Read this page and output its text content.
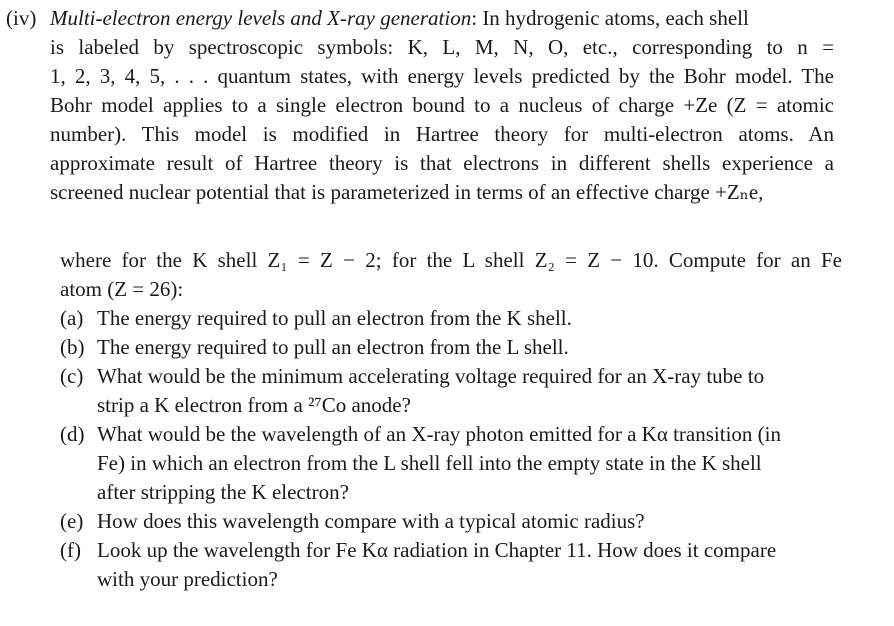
(iv) Multi-electron energy levels and X-ray generation: In hydrogenic atoms, each shell
is labeled by spectroscopic symbols: K, L, M, N, O, etc., corresponding to n =
1, 2, 3, 4, 5, . . . quantum states, with energy levels predicted by the Bohr model. The
Bohr model applies to a single electron bound to a nucleus of charge +Ze (Z = atomic
number). This model is modified in Hartree theory for multi-electron atoms. An
approximate result of Hartree theory is that electrons in different shells experience a
screened nuclear potential that is parameterized in terms of an effective charge +Zₙe,
where for the K shell Z₁ = Z − 2; for the L shell Z₂ = Z − 10. Compute for an Fe
atom (Z = 26):
(a) The energy required to pull an electron from the K shell.
(b) The energy required to pull an electron from the L shell.
(c) What would be the minimum accelerating voltage required for an X-ray tube to
strip a K electron from a ²⁷Co anode?
(d) What would be the wavelength of an X-ray photon emitted for a Kα transition (in
Fe) in which an electron from the L shell fell into the empty state in the K shell
after stripping the K electron?
(e) How does this wavelength compare with a typical atomic radius?
(f) Look up the wavelength for Fe Kα radiation in Chapter 11. How does it compare
with your prediction?
